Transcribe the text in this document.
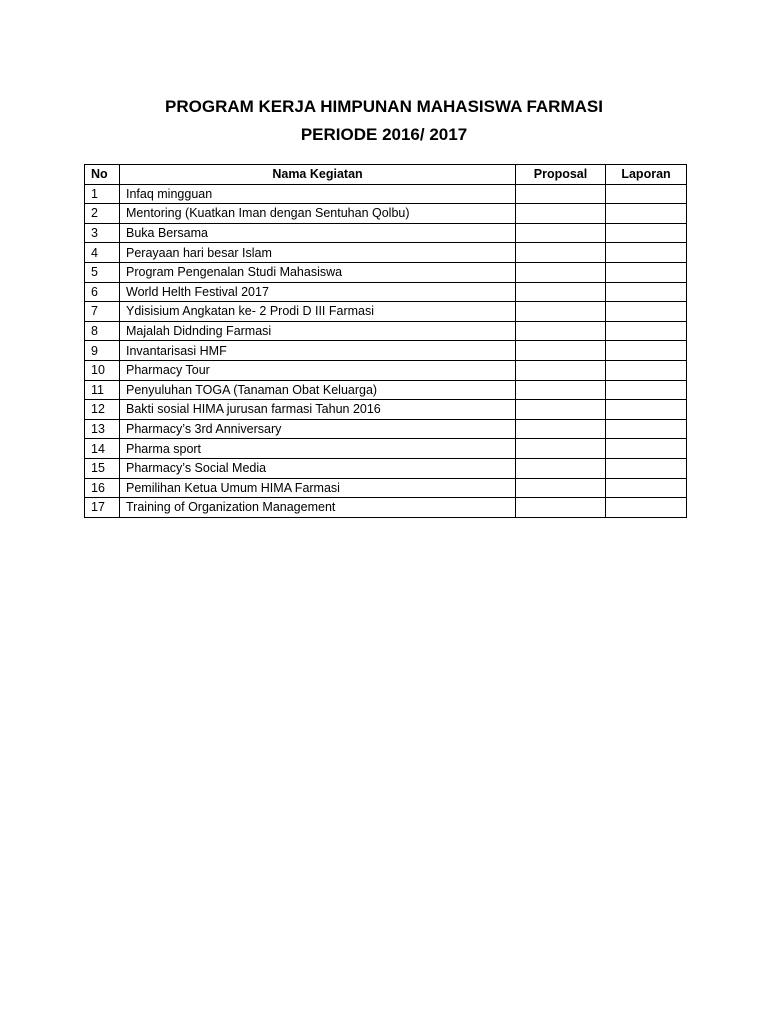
PROGRAM KERJA HIMPUNAN MAHASISWA FARMASI
PERIODE 2016/ 2017
No	Nama Kegiatan	Proposal	Laporan
1	Infaq mingguan		
2	Mentoring (Kuatkan Iman dengan Sentuhan Qolbu)		
3	Buka Bersama		
4	Perayaan hari besar Islam		
5	Program Pengenalan Studi Mahasiswa		
6	World Helth Festival 2017		
7	Ydisisium Angkatan ke- 2 Prodi D III Farmasi		
8	Majalah Didnding Farmasi		
9	Invantarisasi HMF		
10	Pharmacy Tour		
11	Penyuluhan TOGA (Tanaman Obat Keluarga)		
12	Bakti sosial HIMA jurusan farmasi Tahun 2016		
13	Pharmacy’s 3rd Anniversary		
14	Pharma sport		
15	Pharmacy’s Social Media		
16	Pemilihan Ketua Umum HIMA Farmasi		
17	Training of Organization Management		
